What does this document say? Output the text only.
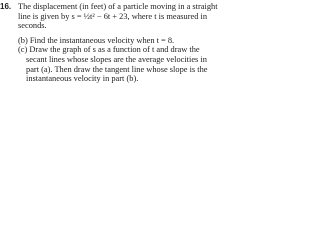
16. The displacement (in feet) of a particle moving in a straight
line is given by s = ½t² − 6t + 23, where t is measured in
seconds.
(b) Find the instantaneous velocity when t = 8.
(c) Draw the graph of s as a function of t and draw the
secant lines whose slopes are the average velocities in
part (a). Then draw the tangent line whose slope is the
instantaneous velocity in part (b).
